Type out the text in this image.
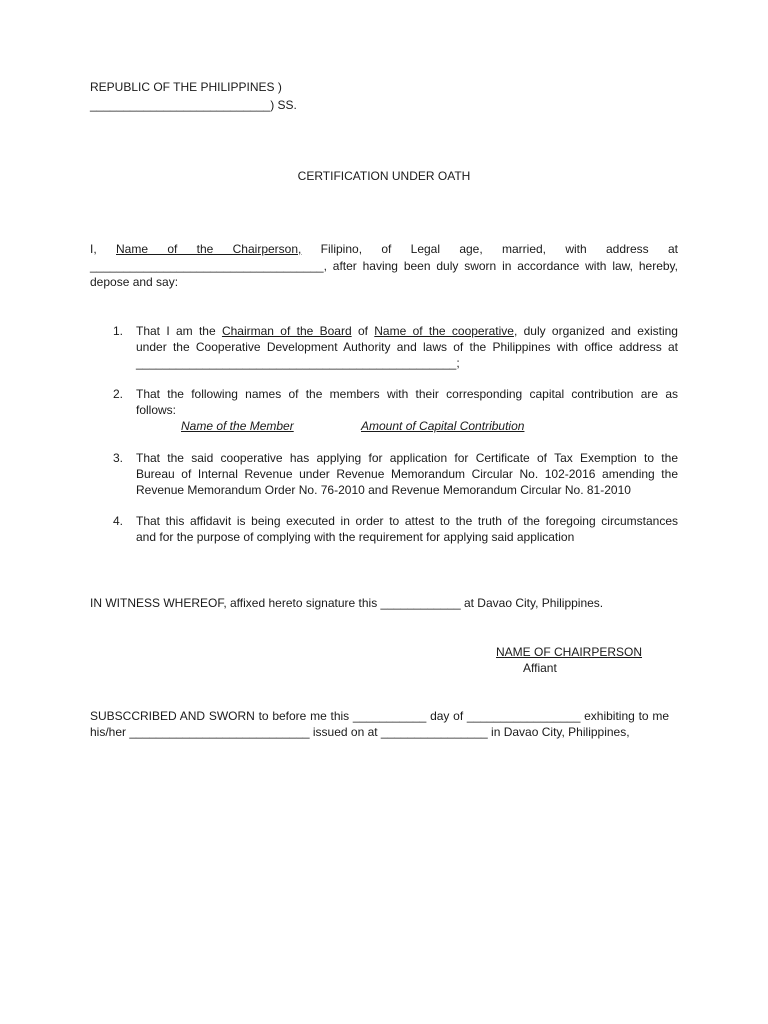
REPUBLIC OF THE PHILIPPINES )
___________________________) SS.
CERTIFICATION UNDER OATH
I, Name of the Chairperson, Filipino, of Legal age, married, with address at
___________________________________, after having been duly sworn in accordance with law, hereby,
depose and say:
1. That I am the Chairman of the Board of Name of the cooperative, duly organized and existing
under the Cooperative Development Authority and laws of the Philippines with office address at
________________________________________________;
2. That the following names of the members with their corresponding capital contribution are as
follows:
Name of the Member	Amount of Capital Contribution
3. That the said cooperative has applying for application for Certificate of Tax Exemption to the
Bureau of Internal Revenue under Revenue Memorandum Circular No. 102-2016 amending the
Revenue Memorandum Order No. 76-2010 and Revenue Memorandum Circular No. 81-2010
4. That this affidavit is being executed in order to attest to the truth of the foregoing circumstances
and for the purpose of complying with the requirement for applying said application
IN WITNESS WHEREOF, affixed hereto signature this ____________ at Davao City, Philippines.
NAME OF CHAIRPERSON
Affiant
SUBSCCRIBED AND SWORN to before me this ___________ day of _________________ exhibiting to me
his/her ___________________________ issued on at ________________ in Davao City, Philippines,
